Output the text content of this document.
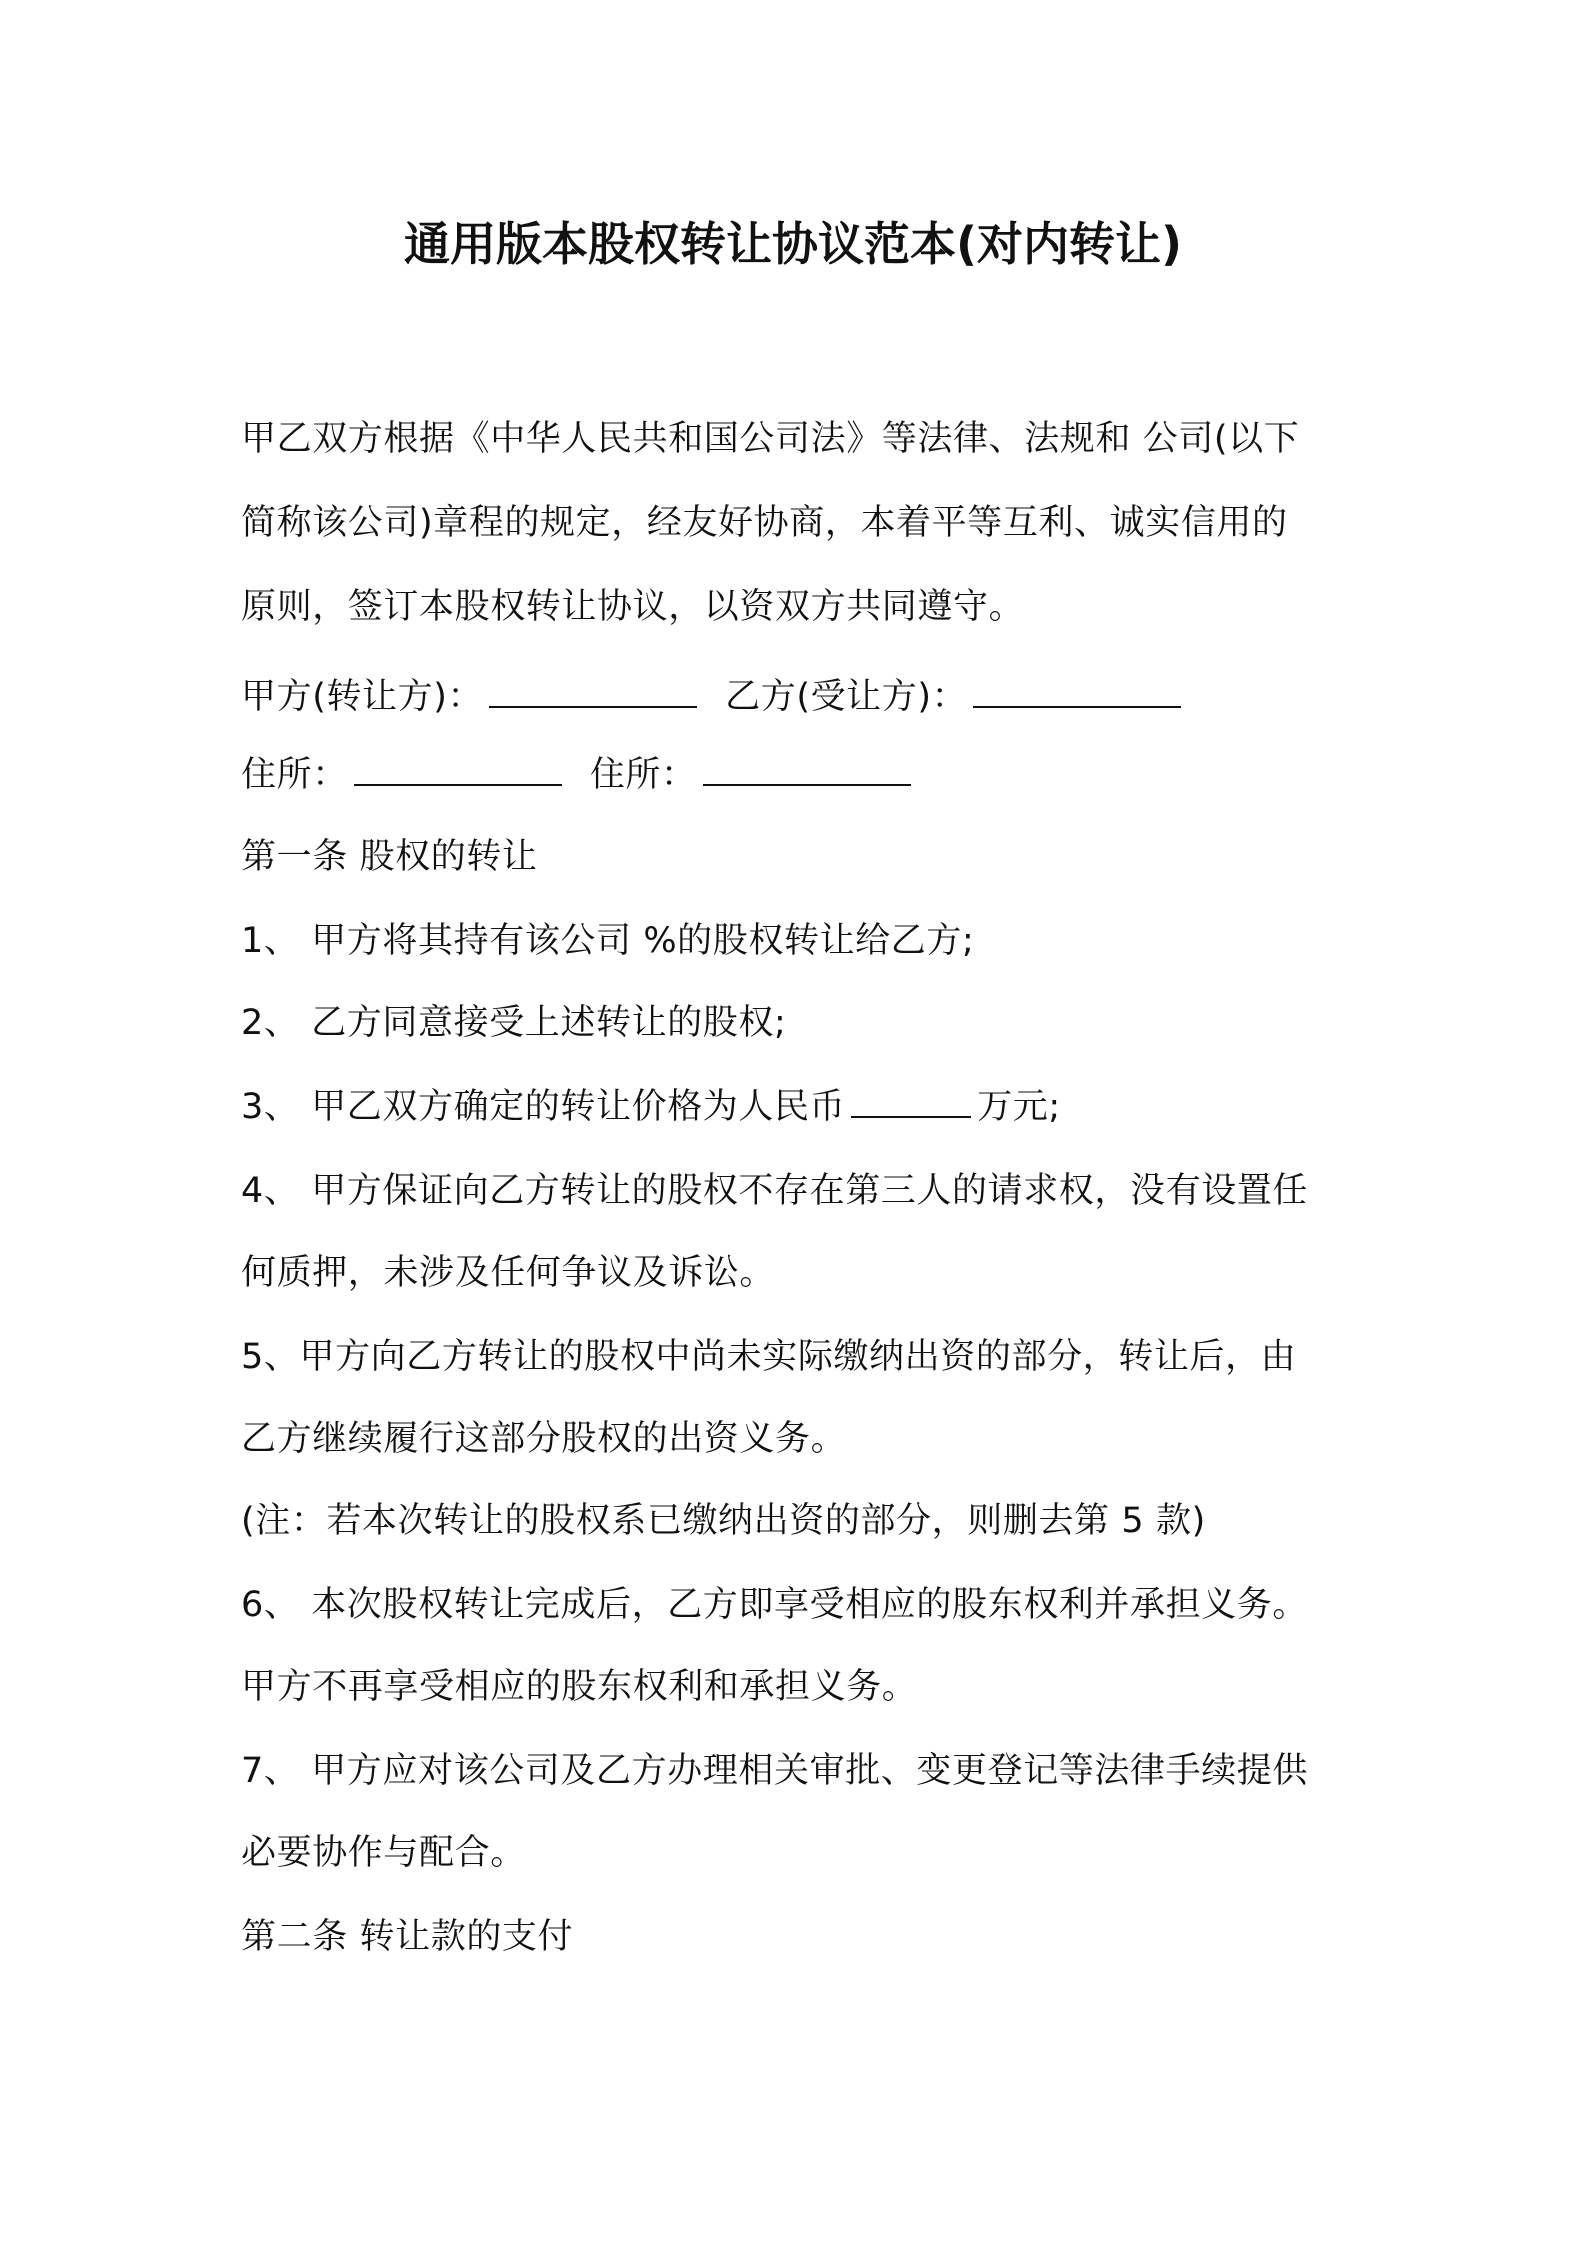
通用版本股权转让协议范本(对内转让)
甲乙双方根据《中华人民共和国公司法》等法律、法规和 公司(以下
简称该公司)章程的规定，经友好协商，本着平等互利、诚实信用的
原则，签订本股权转让协议，以资双方共同遵守。
甲方(转让方)：	乙方(受让方)：
住所：	住所：
第一条 股权的转让
1、 甲方将其持有该公司 %的股权转让给乙方;
2、 乙方同意接受上述转让的股权;
3、 甲乙双方确定的转让价格为人民币	万元;
4、 甲方保证向乙方转让的股权不存在第三人的请求权，没有设置任
何质押，未涉及任何争议及诉讼。
5、甲方向乙方转让的股权中尚未实际缴纳出资的部分，转让后，由
乙方继续履行这部分股权的出资义务。
(注：若本次转让的股权系已缴纳出资的部分，则删去第 5 款)
6、 本次股权转让完成后，乙方即享受相应的股东权利并承担义务。
甲方不再享受相应的股东权利和承担义务。
7、 甲方应对该公司及乙方办理相关审批、变更登记等法律手续提供
必要协作与配合。
第二条 转让款的支付
